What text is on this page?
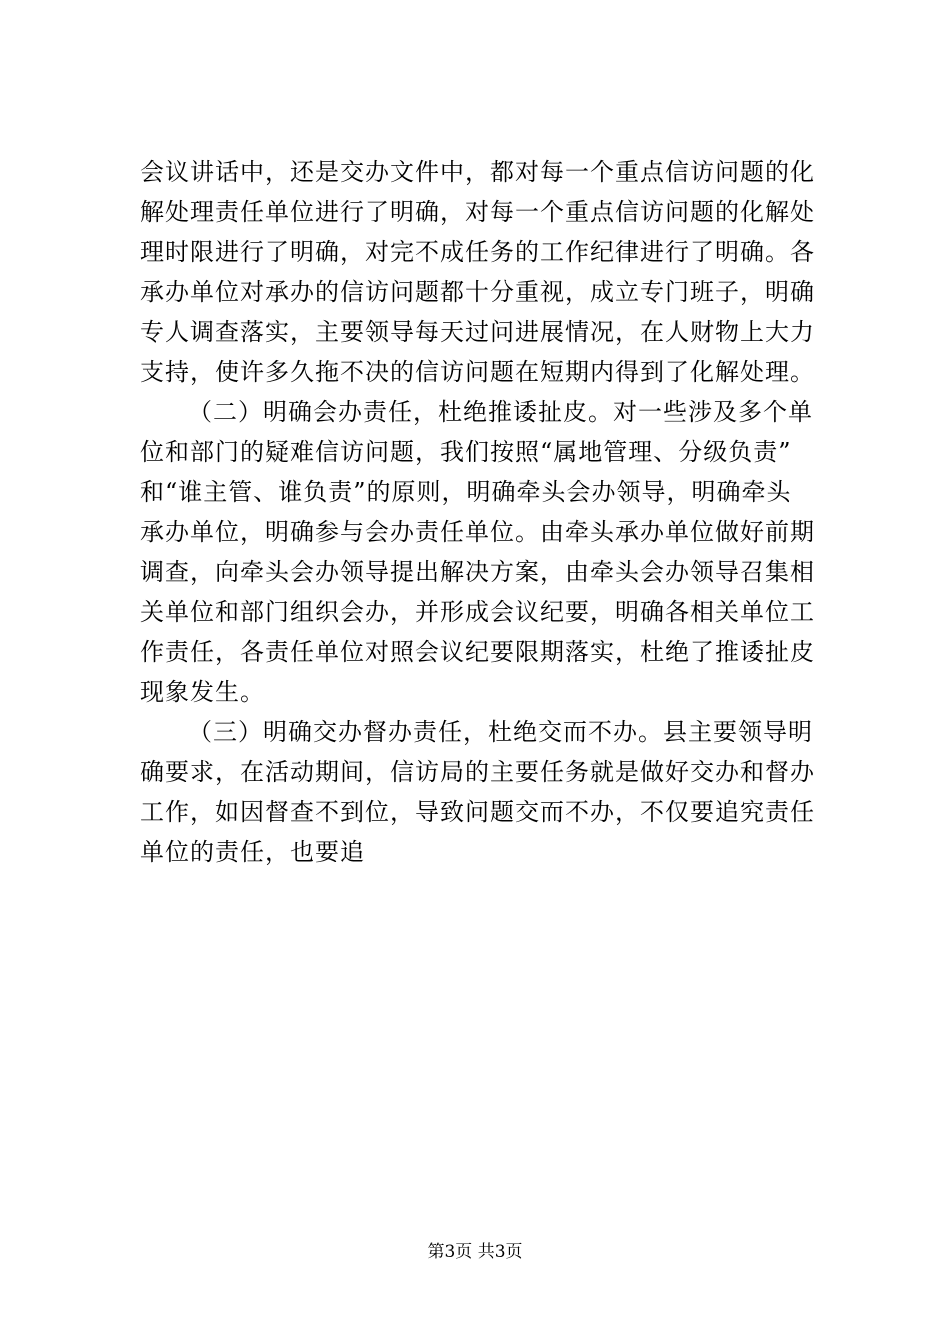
会议讲话中，还是交办文件中，都对每一个重点信访问题的化
解处理责任单位进行了明确，对每一个重点信访问题的化解处
理时限进行了明确，对完不成任务的工作纪律进行了明确。各
承办单位对承办的信访问题都十分重视，成立专门班子，明确
专人调查落实，主要领导每天过问进展情况，在人财物上大力
支持，使许多久拖不决的信访问题在短期内得到了化解处理。
（二）明确会办责任，杜绝推诿扯皮。对一些涉及多个单
位和部门的疑难信访问题，我们按照“属地管理、分级负责”
和“谁主管、谁负责”的原则，明确牵头会办领导，明确牵头
承办单位，明确参与会办责任单位。由牵头承办单位做好前期
调查，向牵头会办领导提出解决方案，由牵头会办领导召集相
关单位和部门组织会办，并形成会议纪要，明确各相关单位工
作责任，各责任单位对照会议纪要限期落实，杜绝了推诿扯皮
现象发生。
（三）明确交办督办责任，杜绝交而不办。县主要领导明
确要求，在活动期间，信访局的主要任务就是做好交办和督办
工作，如因督查不到位，导致问题交而不办，不仅要追究责任
单位的责任，也要追
第3页 共3页
